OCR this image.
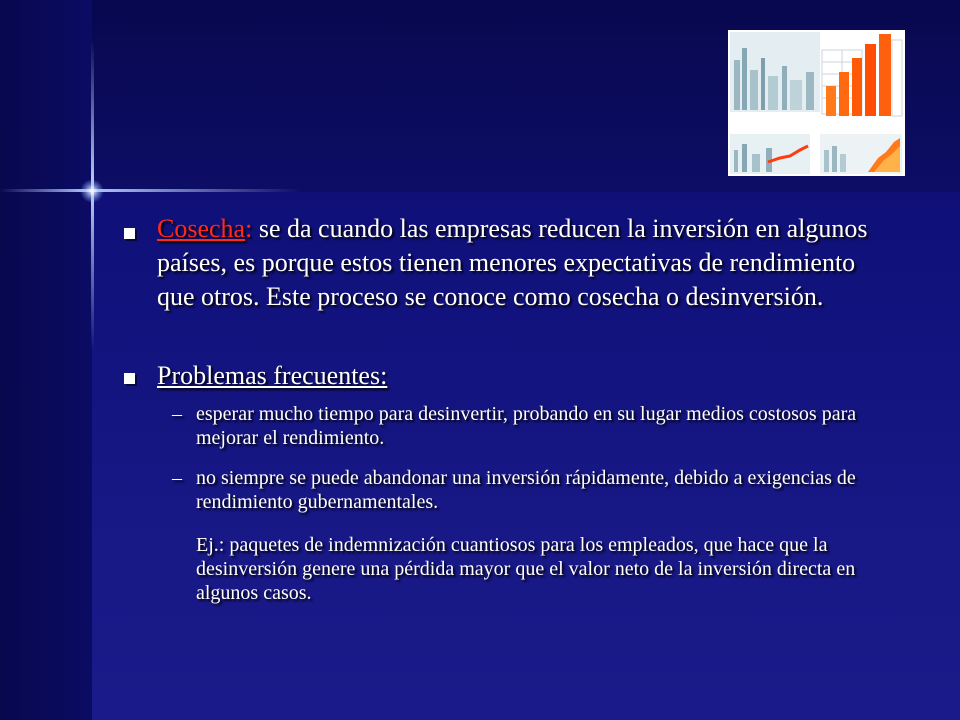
Cosecha: se da cuando las empresas reducen la inversión en algunos países, es porque estos tienen menores expectativas de rendimiento que otros. Este proceso se conoce como cosecha o desinversión.
Problemas frecuentes:
– esperar mucho tiempo para desinvertir, probando en su lugar medios costosos para mejorar el rendimiento.
– no siempre se puede abandonar una inversión rápidamente, debido a exigencias de rendimiento gubernamentales.
Ej.: paquetes de indemnización cuantiosos para los empleados, que hace que la desinversión genere una pérdida mayor que el valor neto de la inversión directa en algunos casos.
